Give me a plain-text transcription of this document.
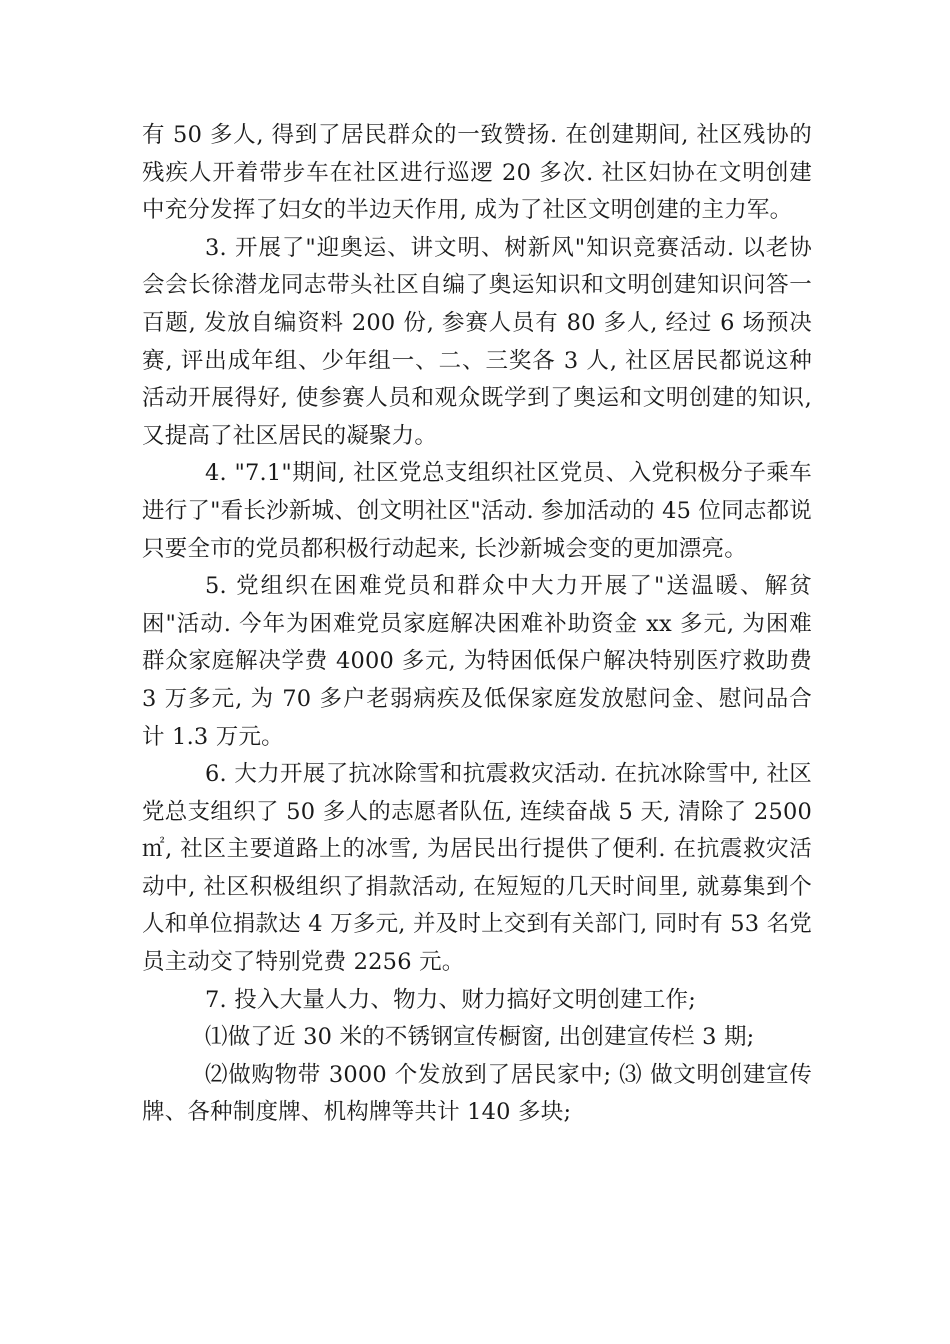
有 50 多人, 得到了居民群众的一致赞扬. 在创建期间, 社区残协的残疾人开着带步车在社区进行巡逻 20 多次. 社区妇协在文明创建中充分发挥了妇女的半边天作用, 成为了社区文明创建的主力军。

3. 开展了"迎奥运、讲文明、树新风"知识竞赛活动. 以老协会会长徐潜龙同志带头社区自编了奥运知识和文明创建知识问答一百题, 发放自编资料 200 份, 参赛人员有 80 多人, 经过 6 场预决赛, 评出成年组、少年组一、二、三奖各 3 人, 社区居民都说这种活动开展得好, 使参赛人员和观众既学到了奥运和文明创建的知识, 又提高了社区居民的凝聚力。

4. "7.1"期间, 社区党总支组织社区党员、入党积极分子乘车进行了"看长沙新城、创文明社区"活动. 参加活动的 45 位同志都说只要全市的党员都积极行动起来, 长沙新城会变的更加漂亮。

5. 党组织在困难党员和群众中大力开展了"送温暖、解贫困"活动. 今年为困难党员家庭解决困难补助资金 xx 多元, 为困难群众家庭解决学费 4000 多元, 为特困低保户解决特别医疗救助费 3 万多元, 为 70 多户老弱病疾及低保家庭发放慰问金、慰问品合计 1.3 万元。

6. 大力开展了抗冰除雪和抗震救灾活动. 在抗冰除雪中, 社区党总支组织了 50 多人的志愿者队伍, 连续奋战 5 天, 清除了 2500㎡, 社区主要道路上的冰雪, 为居民出行提供了便利. 在抗震救灾活动中, 社区积极组织了捐款活动, 在短短的几天时间里, 就募集到个人和单位捐款达 4 万多元, 并及时上交到有关部门, 同时有 53 名党员主动交了特别党费 2256 元。

7. 投入大量人力、物力、财力搞好文明创建工作;

⑴做了近 30 米的不锈钢宣传橱窗, 出创建宣传栏 3 期;

⑵做购物带 3000 个发放到了居民家中; ⑶ 做文明创建宣传牌、各种制度牌、机构牌等共计 140 多块;
